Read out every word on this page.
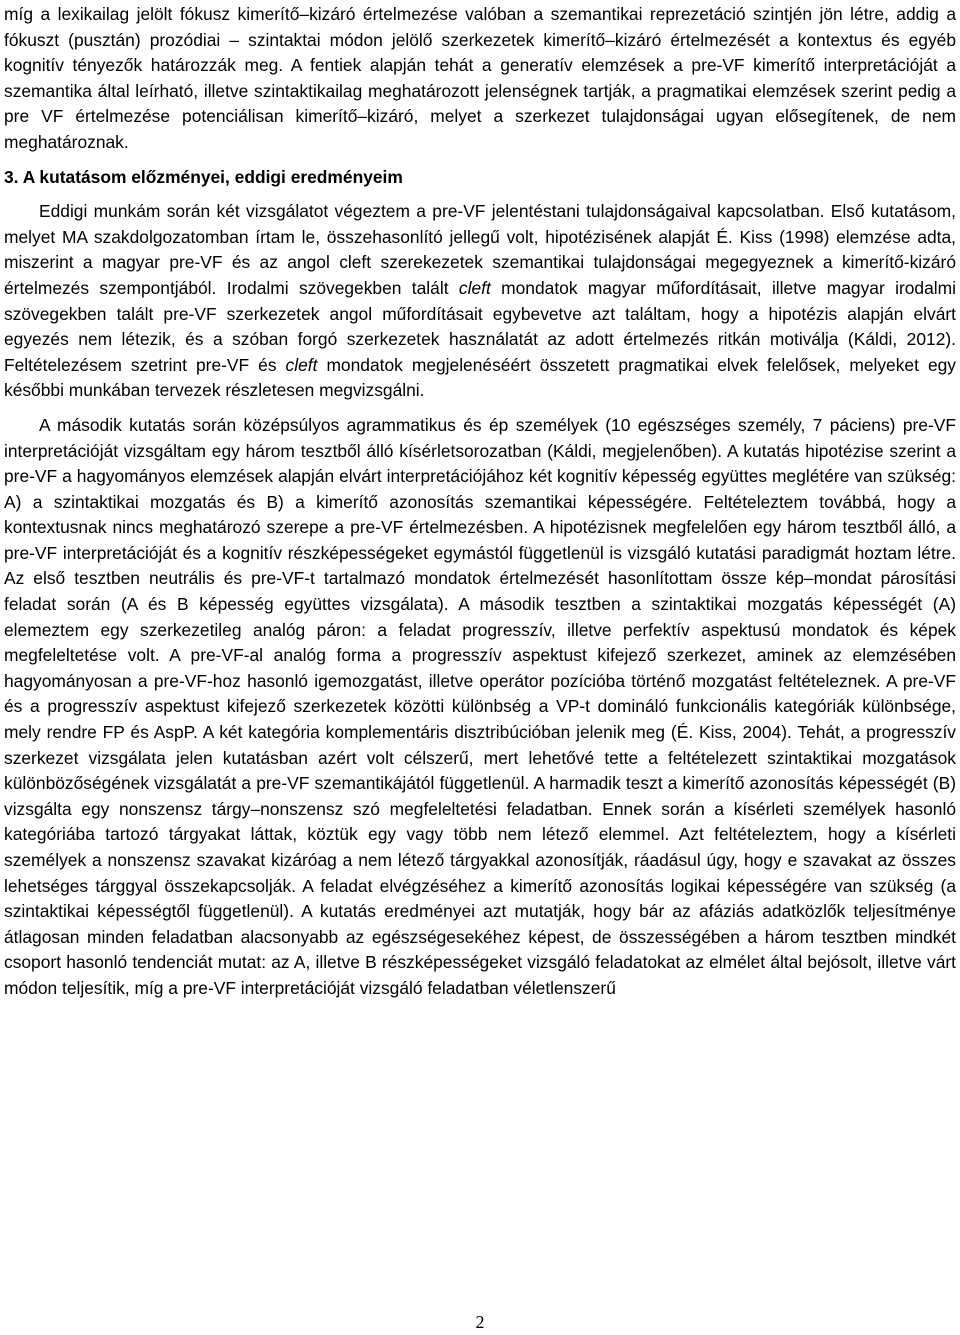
míg a lexikailag jelölt fókusz kimerítő–kizáró értelmezése valóban a szemantikai reprezetáció szintjén jön létre, addig a fókuszt (pusztán) prozódiai – szintaktai módon jelölő szerkezetek kimerítő–kizáró értelmezését a kontextus és egyéb kognitív tényezők határozzák meg. A fentiek alapján tehát a generatív elemzések a pre-VF kimerítő interpretációját a szemantika által leírható, illetve szintaktikailag meghatározott jelenségnek tartják, a pragmatikai elemzések szerint pedig a pre VF értelmezése potenciálisan kimerítő–kizáró, melyet a szerkezet tulajdonságai ugyan elősegítenek, de nem meghatároznak.

3. A kutatásom előzményei, eddigi eredményeim

Eddigi munkám során két vizsgálatot végeztem a pre-VF jelentéstani tulajdonságaival kapcsolatban. Első kutatásom, melyet MA szakdolgozatomban írtam le, összehasonlító jellegű volt, hipotézisének alapját É. Kiss (1998) elemzése adta, miszerint a magyar pre-VF és az angol cleft szerekezetek szemantikai tulajdonságai megegyeznek a kimerítő-kizáró értelmezés szempontjából. Irodalmi szövegekben talált cleft mondatok magyar műfordításait, illetve magyar irodalmi szövegekben talált pre-VF szerkezetek angol műfordításait egybevetve azt találtam, hogy a hipotézis alapján elvárt egyezés nem létezik, és a szóban forgó szerkezetek használatát az adott értelmezés ritkán motiválja (Káldi, 2012). Feltételezésem szetrint pre-VF és cleft mondatok megjelenéséért összetett pragmatikai elvek felelősek, melyeket egy későbbi munkában tervezek részletesen megvizsgálni.

A második kutatás során középsúlyos agrammatikus és ép személyek (10 egészséges személy, 7 páciens) pre-VF interpretációját vizsgáltam egy három tesztből álló kísérletsorozatban (Káldi, megjelenőben). A kutatás hipotézise szerint a pre-VF a hagyományos elemzések alapján elvárt interpretációjához két kognitív képesség együttes meglétére van szükség: A) a szintaktikai mozgatás és B) a kimerítő azonosítás szemantikai képességére. Feltételeztem továbbá, hogy a kontextusnak nincs meghatározó szerepe a pre-VF értelmezésben. A hipotézisnek megfelelően egy három tesztből álló, a pre-VF interpretációját és a kognitív részképességeket egymástól függetlenül is vizsgáló kutatási paradigmát hoztam létre. Az első tesztben neutrális és pre-VF-t tartalmazó mondatok értelmezését hasonlítottam össze kép–mondat párosítási feladat során (A és B képesség együttes vizsgálata). A második tesztben a szintaktikai mozgatás képességét (A) elemeztem egy szerkezetileg analóg páron: a feladat progresszív, illetve perfektív aspektusú mondatok és képek megfeleltetése volt. A pre-VF-al analóg forma a progresszív aspektust kifejező szerkezet, aminek az elemzésében hagyományosan a pre-VF-hoz hasonló igemozgatást, illetve operátor pozícióba történő mozgatást feltételeznek. A pre-VF és a progresszív aspektust kifejező szerkezetek közötti különbség a VP-t domináló funkcionális kategóriák különbsége, mely rendre FP és AspP. A két kategória komplementáris disztribúcióban jelenik meg (É. Kiss, 2004). Tehát, a progresszív szerkezet vizsgálata jelen kutatásban azért volt célszerű, mert lehetővé tette a feltételezett szintaktikai mozgatások különbözőségének vizsgálatát a pre-VF szemantikájától függetlenül. A harmadik teszt a kimerítő azonosítás képességét (B) vizsgálta egy nonszensz tárgy–nonszensz szó megfeleltetési feladatban. Ennek során a kísérleti személyek hasonló kategóriába tartozó tárgyakat láttak, köztük egy vagy több nem létező elemmel. Azt feltételeztem, hogy a kísérleti személyek a nonszensz szavakat kizáróag a nem létező tárgyakkal azonosítják, ráadásul úgy, hogy e szavakat az összes lehetséges tárggyal összekapcsolják. A feladat elvégzéséhez a kimerítő azonosítás logikai képességére van szükség (a szintaktikai képességtől függetlenül). A kutatás eredményei azt mutatják, hogy bár az afáziás adatközlők teljesítménye átlagosan minden feladatban alacsonyabb az egészségesekéhez képest, de összességében a három tesztben mindkét csoport hasonló tendenciát mutat: az A, illetve B részképességeket vizsgáló feladatokat az elmélet által bejósolt, illetve várt módon teljesítik, míg a pre-VF interpretációját vizsgáló feladatban véletlenszerű

2
